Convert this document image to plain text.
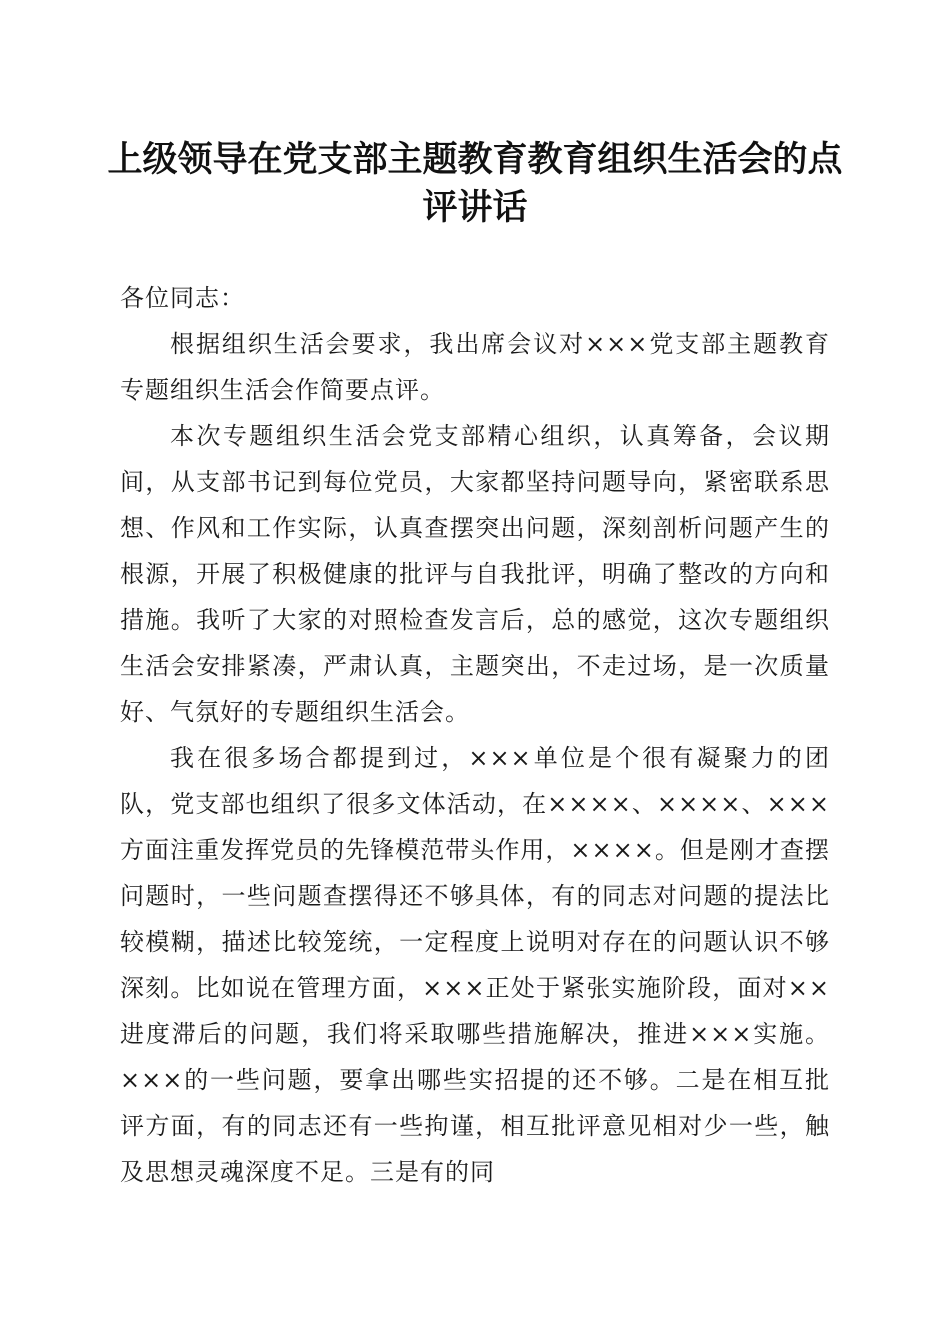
上级领导在党支部主题教育教育组织生活会的点评讲话

各位同志：

根据组织生活会要求，我出席会议对×××党支部主题教育专题组织生活会作简要点评。

本次专题组织生活会党支部精心组织，认真筹备，会议期间，从支部书记到每位党员，大家都坚持问题导向，紧密联系思想、作风和工作实际，认真查摆突出问题，深刻剖析问题产生的根源，开展了积极健康的批评与自我批评，明确了整改的方向和措施。我听了大家的对照检查发言后，总的感觉，这次专题组织生活会安排紧凑，严肃认真，主题突出，不走过场，是一次质量好、气氛好的专题组织生活会。

我在很多场合都提到过，×××单位是个很有凝聚力的团队，党支部也组织了很多文体活动，在××××、××××、×××方面注重发挥党员的先锋模范带头作用，××××。但是刚才查摆问题时，一些问题查摆得还不够具体，有的同志对问题的提法比较模糊，描述比较笼统，一定程度上说明对存在的问题认识不够深刻。比如说在管理方面，×××正处于紧张实施阶段，面对××进度滞后的问题，我们将采取哪些措施解决，推进×××实施。×××的一些问题，要拿出哪些实招提的还不够。二是在相互批评方面，有的同志还有一些拘谨，相互批评意见相对少一些，触及思想灵魂深度不足。三是有的同
